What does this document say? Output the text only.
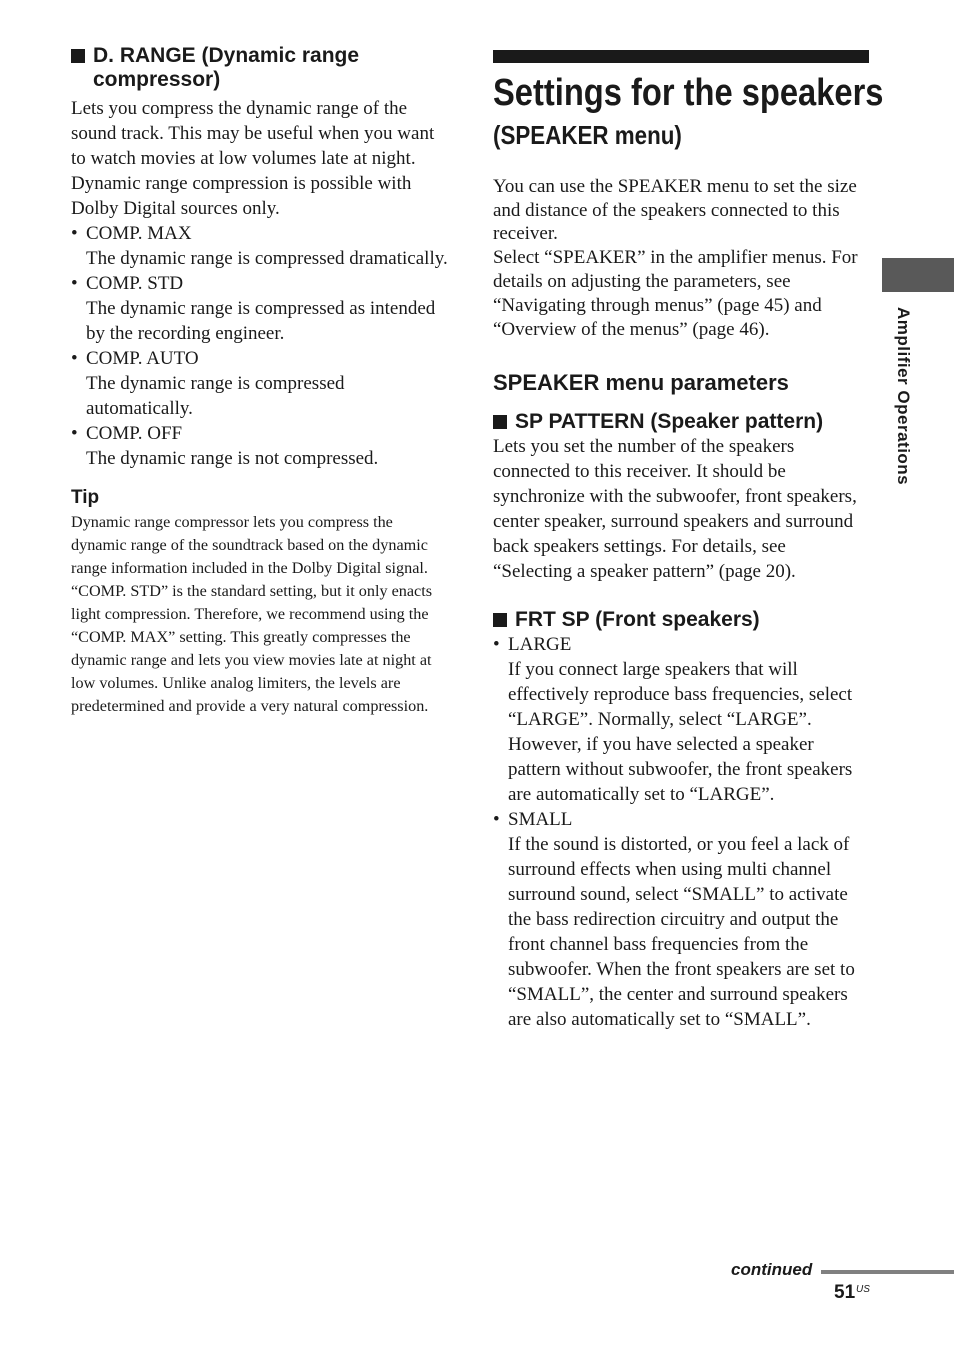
D. RANGE (Dynamic range compressor)

Lets you compress the dynamic range of the sound track. This may be useful when you want to watch movies at low volumes late at night. Dynamic range compression is possible with Dolby Digital sources only.

• COMP. MAX
The dynamic range is compressed dramatically.
• COMP. STD
The dynamic range is compressed as intended by the recording engineer.
• COMP. AUTO
The dynamic range is compressed automatically.
• COMP. OFF
The dynamic range is not compressed.
Tip

Dynamic range compressor lets you compress the dynamic range of the soundtrack based on the dynamic range information included in the Dolby Digital signal.

“COMP. STD” is the standard setting, but it only enacts light compression. Therefore, we recommend using the “COMP. MAX” setting. This greatly compresses the dynamic range and lets you view movies late at night at low volumes. Unlike analog limiters, the levels are predetermined and provide a very natural compression.

Settings for the speakers
(SPEAKER menu)

You can use the SPEAKER menu to set the size and distance of the speakers connected to this receiver.

Select “SPEAKER” in the amplifier menus. For details on adjusting the parameters, see “Navigating through menus” (page 45) and “Overview of the menus” (page 46).

SPEAKER menu parameters
SP PATTERN (Speaker pattern)

Lets you set the number of the speakers connected to this receiver. It should be synchronize with the subwoofer, front speakers, center speaker, surround speakers and surround back speakers settings. For details, see “Selecting a speaker pattern” (page 20).

FRT SP (Front speakers)
• LARGE
If you connect large speakers that will effectively reproduce bass frequencies, select “LARGE”. Normally, select “LARGE”. However, if you have selected a speaker pattern without subwoofer, the front speakers are automatically set to “LARGE”.
• SMALL
If the sound is distorted, or you feel a lack of surround effects when using multi channel surround sound, select “SMALL” to activate the bass redirection circuitry and output the front channel bass frequencies from the subwoofer. When the front speakers are set to “SMALL”, the center and surround speakers are also automatically set to “SMALL”.
Amplifier Operations
continued
51 US
